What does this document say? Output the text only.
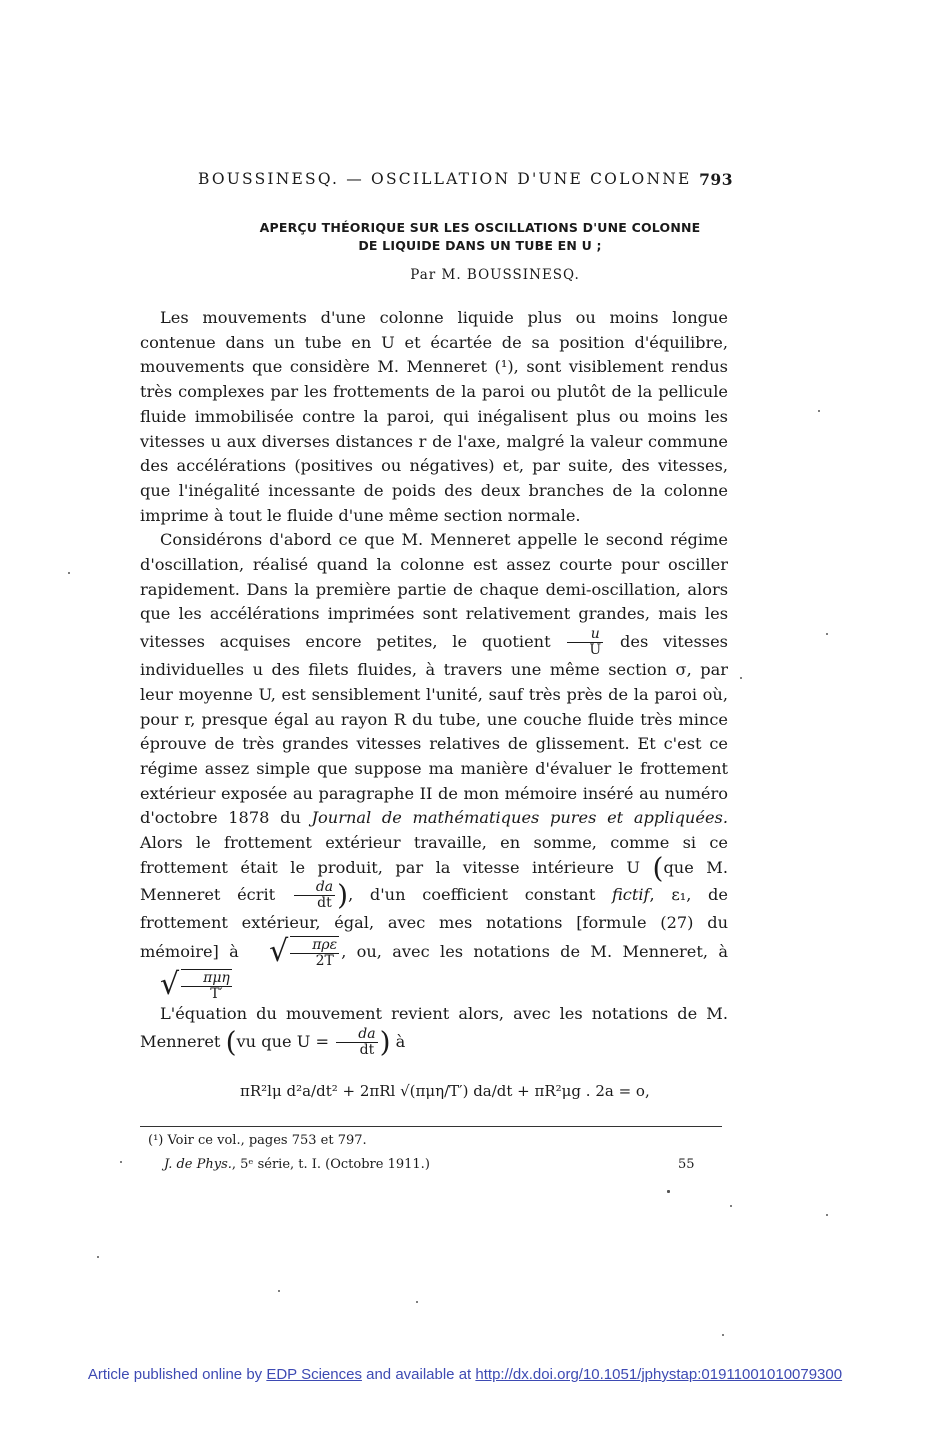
BOUSSINESQ. — OSCILLATION D'UNE COLONNE 793
APERÇU THÉORIQUE SUR LES OSCILLATIONS D'UNE COLONNE
DE LIQUIDE DANS UN TUBE EN U ;
Par M. BOUSSINESQ.

Les mouvements d'une colonne liquide plus ou moins longue contenue dans un tube en U et écartée de sa position d'équilibre, mouvements que considère M. Menneret (¹), sont visiblement rendus très complexes par les frottements de la paroi ou plutôt de la pellicule fluide immobilisée contre la paroi, qui inégalisent plus ou moins les vitesses u aux diverses distances r de l'axe, malgré la valeur commune des accélérations (positives ou négatives) et, par suite, des vitesses, que l'inégalité incessante de poids des deux branches de la colonne imprime à tout le fluide d'une même section normale.

Considérons d'abord ce que M. Menneret appelle le second régime d'oscillation, réalisé quand la colonne est assez courte pour osciller rapidement. Dans la première partie de chaque demi-oscillation, alors que les accélérations imprimées sont relativement grandes, mais les vitesses acquises encore petites, le quotient $\frac{u}{U}$ des vitesses individuelles u des filets fluides, à travers une même section σ, par leur moyenne U, est sensiblement l'unité, sauf très près de la paroi où, pour r, presque égal au rayon R du tube, une couche fluide très mince éprouve de très grandes vitesses relatives de glissement. Et c'est ce régime assez simple que suppose ma manière d'évaluer le frottement extérieur exposée au paragraphe II de mon mémoire inséré au numéro d'octobre 1878 du Journal de mathématiques pures et appliquées. Alors le frottement extérieur travaille, en somme, comme si ce frottement était le produit, par la vitesse intérieure U (que M. Menneret écrit $\frac{da}{dt}$ ), d'un coefficient constant fictif, ε₁, de frottement extérieur, égal, avec mes notations [formule (27) du mémoire] à √ $\frac{\text{πρε}}{2T}$ , ou, avec les notations de M. Menneret, à √ $\frac{\text{πμη}}{T'}$

L'équation du mouvement revient alors, avec les notations de M. Menneret (vu que $U = \frac{da}{dt}$ ) à

πR²lμ d²a/dt² + 2πRl √(πμη/T′) da/dt + πR²μg . 2a = o,
(¹) Voir ce vol., pages 753 et 797.
J. de Phys., 5ᵉ série, t. I. (Octobre 1911.)	55
Article published online by EDP Sciences and available at http://dx.doi.org/10.1051/jphystap:01911001010079300
